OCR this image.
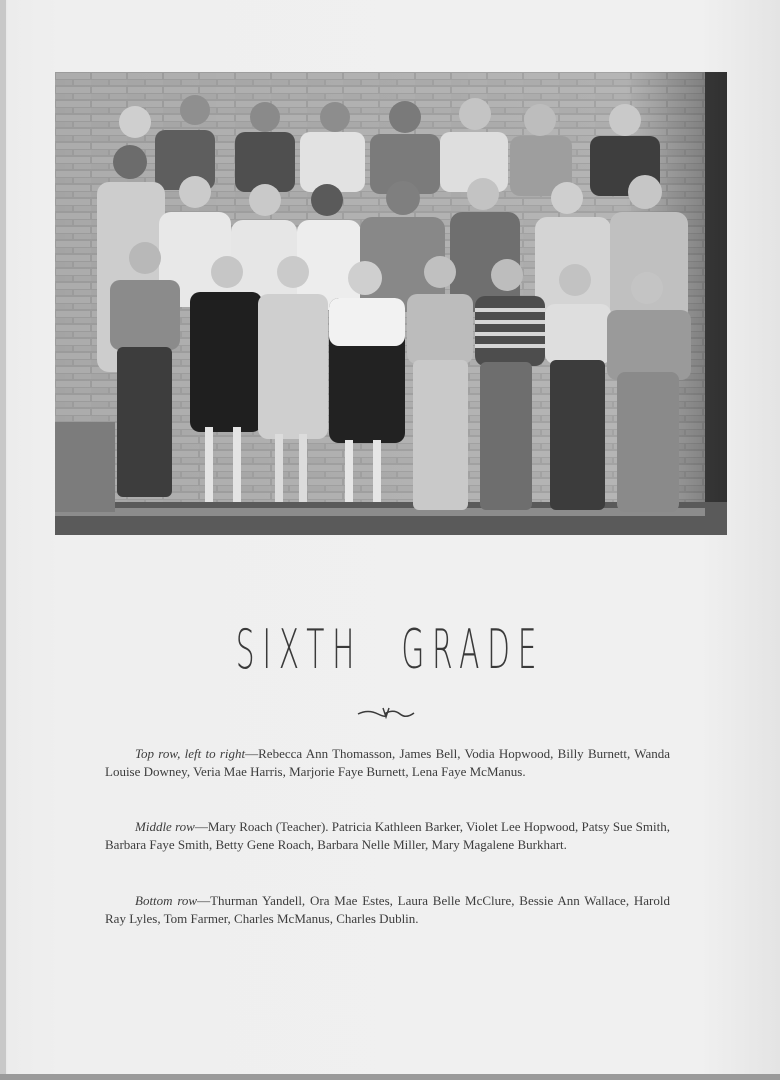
SIXTH GRADE

Top row, left to right—Rebecca Ann Thomasson, James Bell, Vodia Hopwood, Billy Burnett, Wanda Louise Downey, Veria Mae Harris, Marjorie Faye Burnett, Lena Faye McManus.

Middle row—Mary Roach (Teacher). Patricia Kathleen Barker, Violet Lee Hopwood, Patsy Sue Smith, Barbara Faye Smith, Betty Gene Roach, Barbara Nelle Miller, Mary Magalene Burkhart.

Bottom row—Thurman Yandell, Ora Mae Estes, Laura Belle McClure, Bessie Ann Wallace, Harold Ray Lyles, Tom Farmer, Charles McManus, Charles Dublin.
